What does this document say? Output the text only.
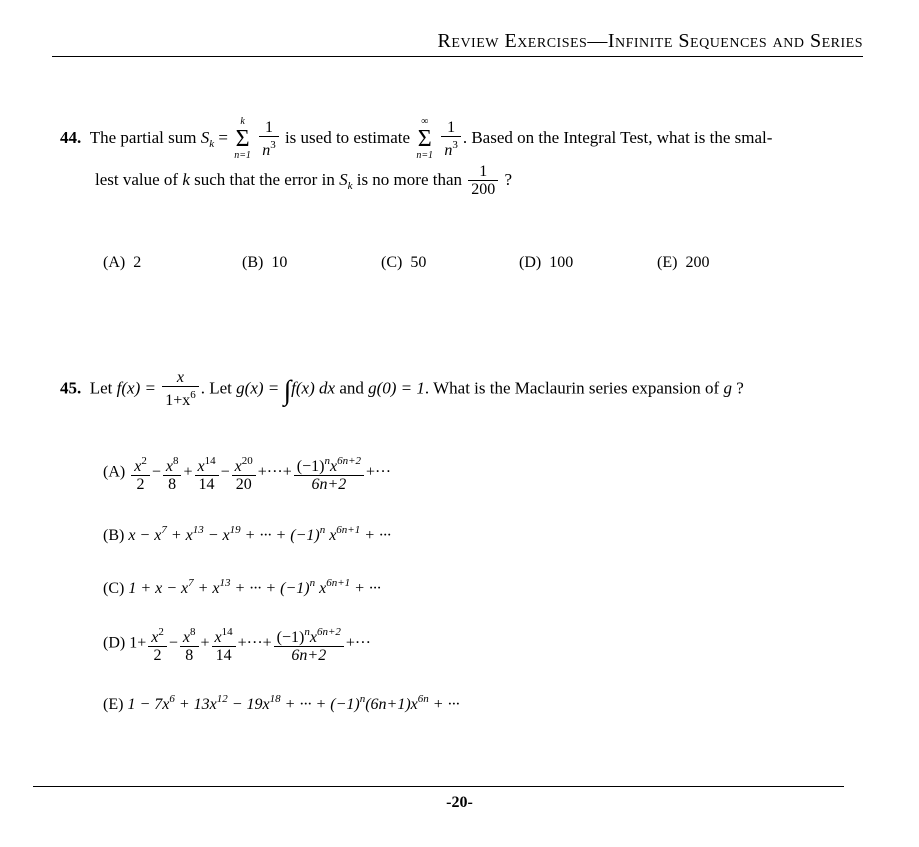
Review Exercises—Infinite Sequences and Series
44. The partial sum $S_k$ =
k
Σ
n=1
$\frac{1}{n^3}$ is used to estimate
∞
Σ
n=1
$\frac{1}{n^3}$ . Based on the Integral Test, what is the smal-
lest value of k such that the error in $S_k$ is no more than $\frac{1}{200}$ ?
(A) 2	(B) 10	(C) 50	(D) 100	(E) 200
45. Let $f(x) = \frac{x}{1+x^6}$ . Let g(x) = ∫f(x) dx and g(0) = 1. What is the Maclaurin series expansion of g ?
$(A) \frac{x^2}{2} - \frac{x^8}{8} + \frac{x^{14}}{14} - \frac{x^{20}}{20}$ +···+ $\frac{(-1)^nx^{6n+2}}{6n+2}$ +···
(B) $x - x^7 + x^{13} - x^{19}$ + ··· + $(-1)^n$ $x^{6n+1}$ + ···
(C) $1 + x - x^7 + x^{13}$ + ··· + $(-1)^n$ $x^{6n+1}$ + ···
(D) $1+ \frac{x^2}{2} - \frac{x^8}{8} + \frac{x^{14}}{14}$ +···+ $\frac{(-1)^nx^{6n+2}}{6n+2}$ +···
(E) $1 - 7x^6 + 13x^{12} - 19x^{18}$ + ··· + $(-1)^n(6n+1)x^{6n}$ + ···
-20-
